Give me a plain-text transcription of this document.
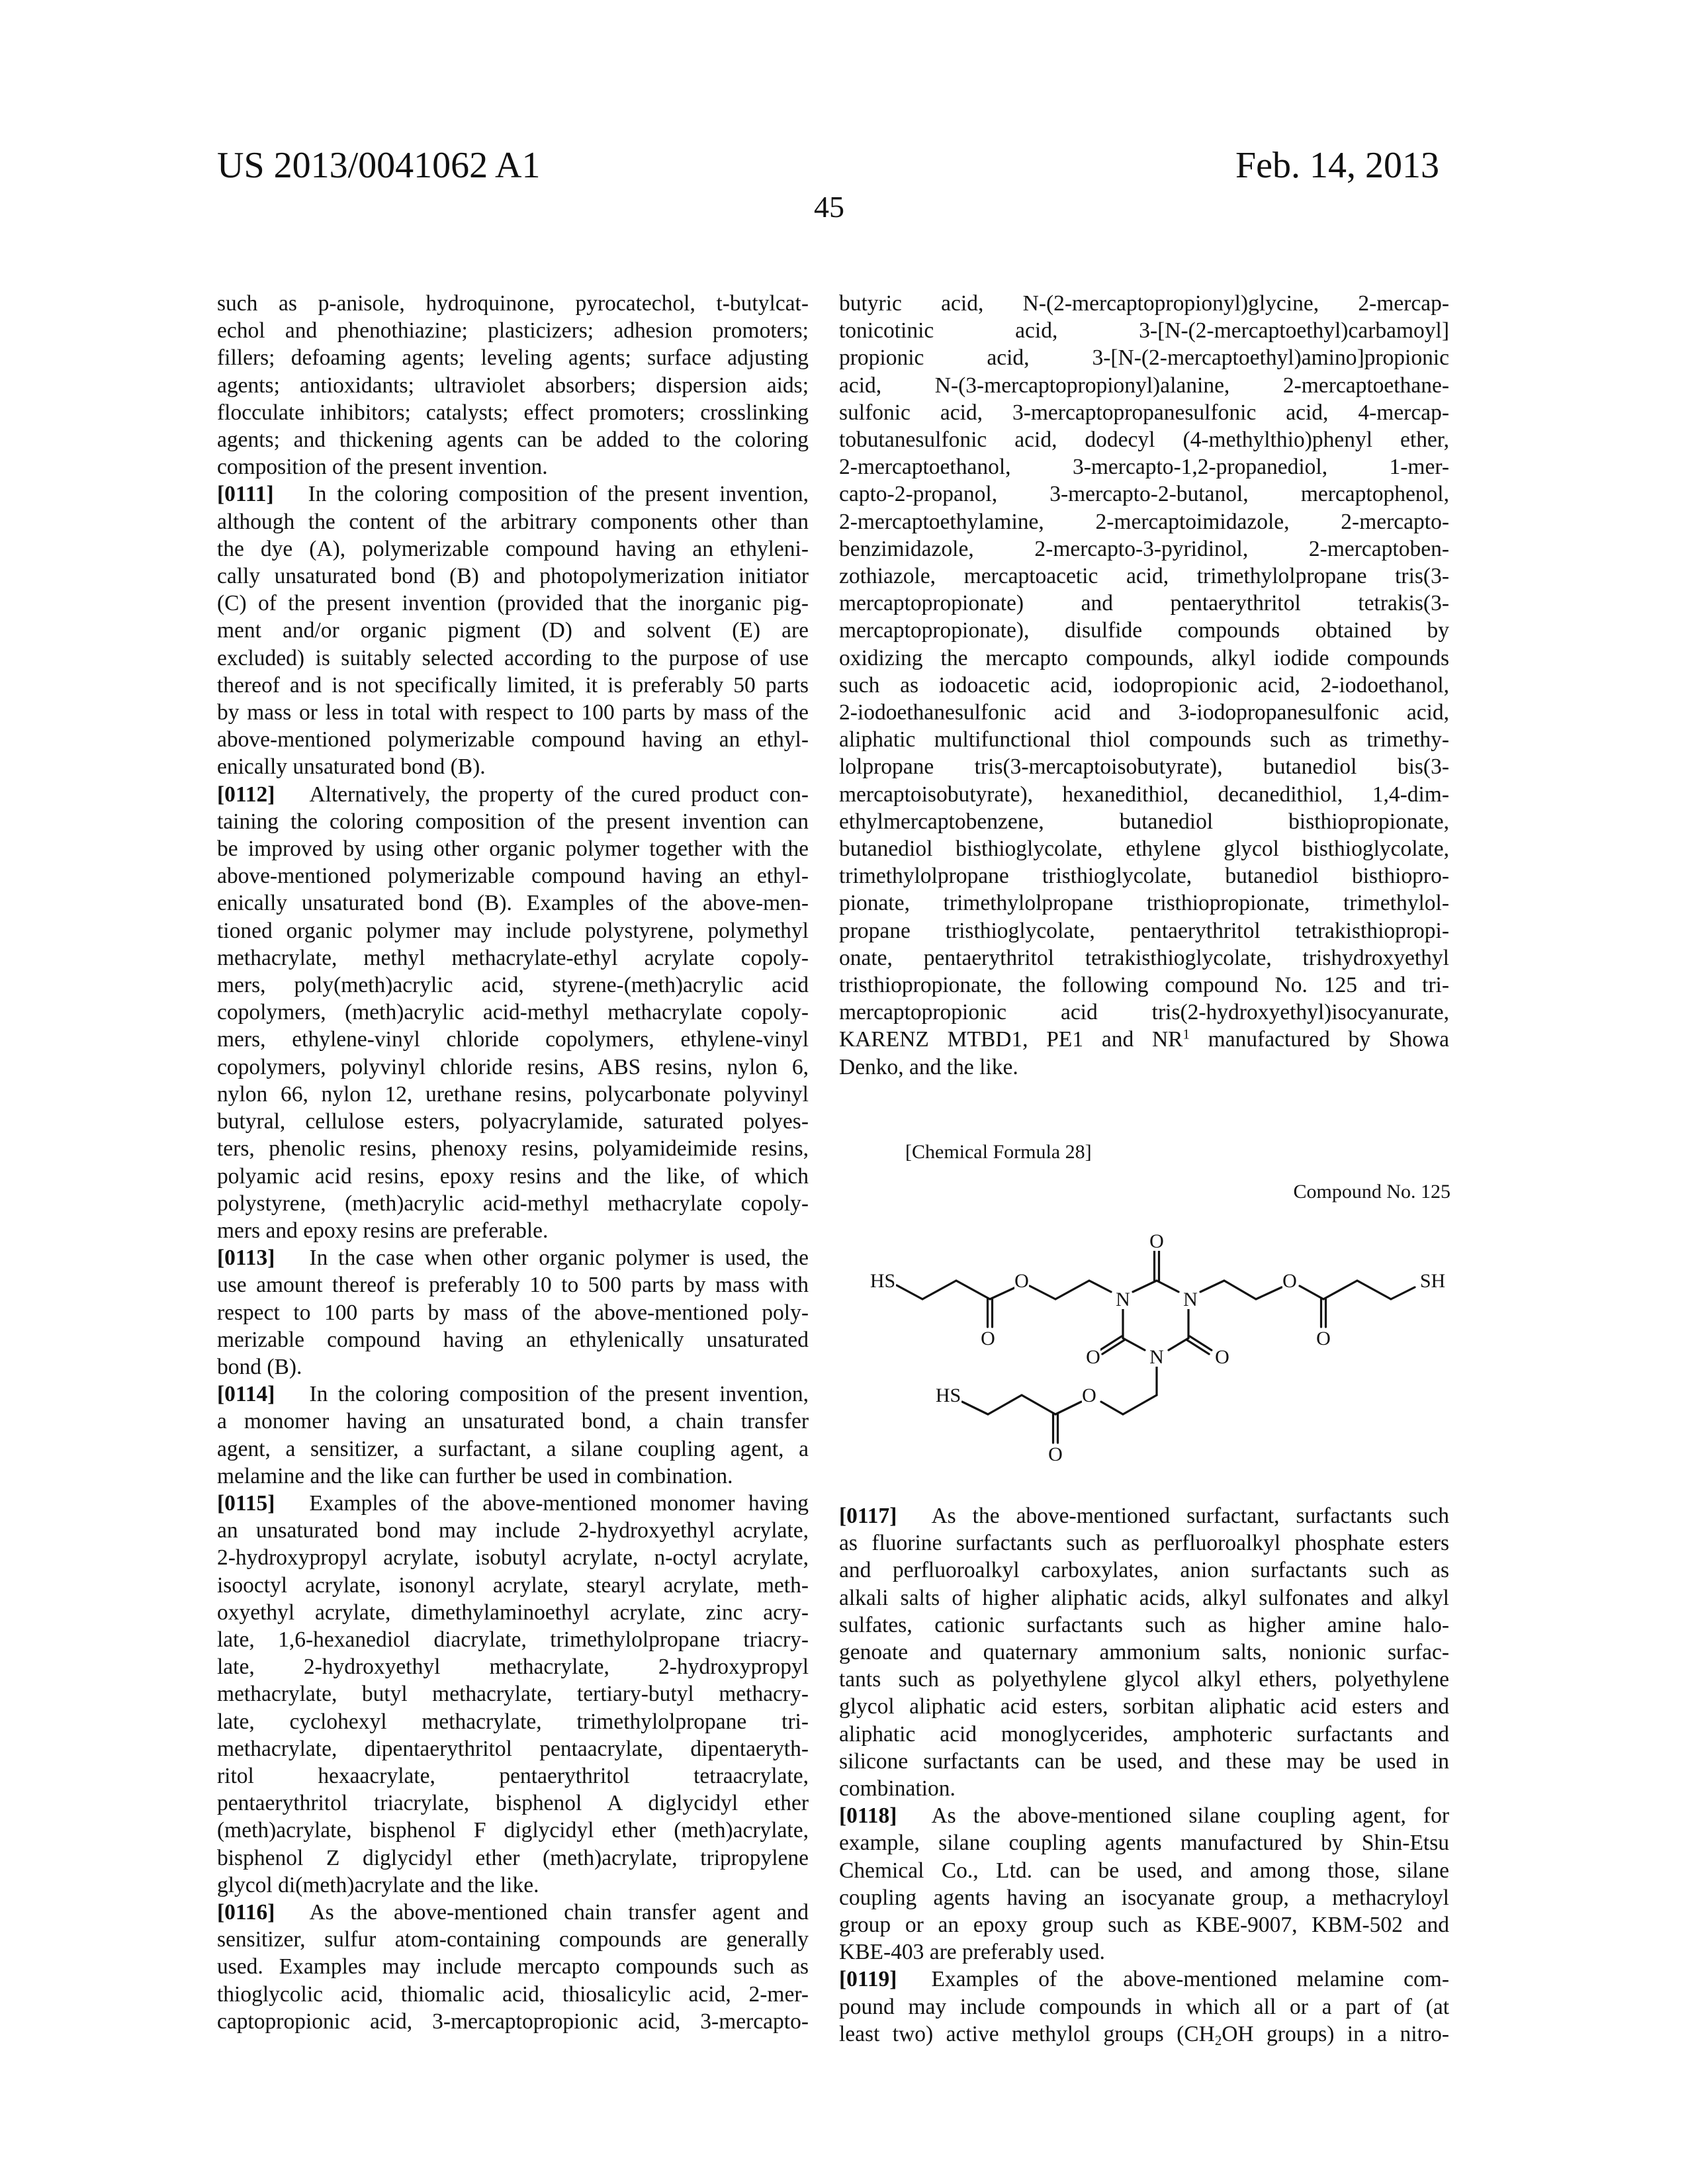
US 2013/0041062 A1	Feb. 14, 2013
45
such as p-anisole, hydroquinone, pyrocatechol, t-butylcat-
echol and phenothiazine; plasticizers; adhesion promoters;
fillers; defoaming agents; leveling agents; surface adjusting
agents; antioxidants; ultraviolet absorbers; dispersion aids;
flocculate inhibitors; catalysts; effect promoters; crosslinking
agents; and thickening agents can be added to the coloring
composition of the present invention.
[0111] In the coloring composition of the present invention,
although the content of the arbitrary components other than
the dye (A), polymerizable compound having an ethyleni-
cally unsaturated bond (B) and photopolymerization initiator
(C) of the present invention (provided that the inorganic pig-
ment and/or organic pigment (D) and solvent (E) are
excluded) is suitably selected according to the purpose of use
thereof and is not specifically limited, it is preferably 50 parts
by mass or less in total with respect to 100 parts by mass of the
above-mentioned polymerizable compound having an ethyl-
enically unsaturated bond (B).
[0112] Alternatively, the property of the cured product con-
taining the coloring composition of the present invention can
be improved by using other organic polymer together with the
above-mentioned polymerizable compound having an ethyl-
enically unsaturated bond (B). Examples of the above-men-
tioned organic polymer may include polystyrene, polymethyl
methacrylate, methyl methacrylate-ethyl acrylate copoly-
mers, poly(meth)acrylic acid, styrene-(meth)acrylic acid
copolymers, (meth)acrylic acid-methyl methacrylate copoly-
mers, ethylene-vinyl chloride copolymers, ethylene-vinyl
copolymers, polyvinyl chloride resins, ABS resins, nylon 6,
nylon 66, nylon 12, urethane resins, polycarbonate polyvinyl
butyral, cellulose esters, polyacrylamide, saturated polyes-
ters, phenolic resins, phenoxy resins, polyamideimide resins,
polyamic acid resins, epoxy resins and the like, of which
polystyrene, (meth)acrylic acid-methyl methacrylate copoly-
mers and epoxy resins are preferable.
[0113] In the case when other organic polymer is used, the
use amount thereof is preferably 10 to 500 parts by mass with
respect to 100 parts by mass of the above-mentioned poly-
merizable compound having an ethylenically unsaturated
bond (B).
[0114] In the coloring composition of the present invention,
a monomer having an unsaturated bond, a chain transfer
agent, a sensitizer, a surfactant, a silane coupling agent, a
melamine and the like can further be used in combination.
[0115] Examples of the above-mentioned monomer having
an unsaturated bond may include 2-hydroxyethyl acrylate,
2-hydroxypropyl acrylate, isobutyl acrylate, n-octyl acrylate,
isooctyl acrylate, isononyl acrylate, stearyl acrylate, meth-
oxyethyl acrylate, dimethylaminoethyl acrylate, zinc acry-
late, 1,6-hexanediol diacrylate, trimethylolpropane triacry-
late, 2-hydroxyethyl methacrylate, 2-hydroxypropyl
methacrylate, butyl methacrylate, tertiary-butyl methacry-
late, cyclohexyl methacrylate, trimethylolpropane tri-
methacrylate, dipentaerythritol pentaacrylate, dipentaeryth-
ritol hexaacrylate, pentaerythritol tetraacrylate,
pentaerythritol triacrylate, bisphenol A diglycidyl ether
(meth)acrylate, bisphenol F diglycidyl ether (meth)acrylate,
bisphenol Z diglycidyl ether (meth)acrylate, tripropylene
glycol di(meth)acrylate and the like.
[0116] As the above-mentioned chain transfer agent and
sensitizer, sulfur atom-containing compounds are generally
used. Examples may include mercapto compounds such as
thioglycolic acid, thiomalic acid, thiosalicylic acid, 2-mer-
captopropionic acid, 3-mercaptopropionic acid, 3-mercapto-
butyric acid, N-(2-mercaptopropionyl)glycine, 2-mercap-
tonicotinic acid, 3-[N-(2-mercaptoethyl)carbamoyl]
propionic acid, 3-[N-(2-mercaptoethyl)amino]propionic
acid, N-(3-mercaptopropionyl)alanine, 2-mercaptoethane-
sulfonic acid, 3-mercaptopropanesulfonic acid, 4-mercap-
tobutanesulfonic acid, dodecyl (4-methylthio)phenyl ether,
2-mercaptoethanol, 3-mercapto-1,2-propanediol, 1-mer-
capto-2-propanol, 3-mercapto-2-butanol, mercaptophenol,
2-mercaptoethylamine, 2-mercaptoimidazole, 2-mercapto-
benzimidazole, 2-mercapto-3-pyridinol, 2-mercaptoben-
zothiazole, mercaptoacetic acid, trimethylolpropane tris(3-
mercaptopropionate) and pentaerythritol tetrakis(3-
mercaptopropionate), disulfide compounds obtained by
oxidizing the mercapto compounds, alkyl iodide compounds
such as iodoacetic acid, iodopropionic acid, 2-iodoethanol,
2-iodoethanesulfonic acid and 3-iodopropanesulfonic acid,
aliphatic multifunctional thiol compounds such as trimethy-
lolpropane tris(3-mercaptoisobutyrate), butanediol bis(3-
mercaptoisobutyrate), hexanedithiol, decanedithiol, 1,4-dim-
ethylmercaptobenzene, butanediol bisthiopropionate,
butanediol bisthioglycolate, ethylene glycol bisthioglycolate,
trimethylolpropane tristhioglycolate, butanediol bisthiopro-
pionate, trimethylolpropane tristhiopropionate, trimethylol-
propane tristhioglycolate, pentaerythritol tetrakisthiopropi-
onate, pentaerythritol tetrakisthioglycolate, trishydroxyethyl
tristhiopropionate, the following compound No. 125 and tri-
mercaptopropionic acid tris(2-hydroxyethyl)isocyanurate,
KARENZ MTBD1, PE1 and NR1 manufactured by Showa
Denko, and the like.
[Chemical Formula 28]
Compound No. 125
HS
O
O
N
O
N
N
O	O
O	SH
O
O
HS
O
[0117] As the above-mentioned surfactant, surfactants such
as fluorine surfactants such as perfluoroalkyl phosphate esters
and perfluoroalkyl carboxylates, anion surfactants such as
alkali salts of higher aliphatic acids, alkyl sulfonates and alkyl
sulfates, cationic surfactants such as higher amine halo-
genoate and quaternary ammonium salts, nonionic surfac-
tants such as polyethylene glycol alkyl ethers, polyethylene
glycol aliphatic acid esters, sorbitan aliphatic acid esters and
aliphatic acid monoglycerides, amphoteric surfactants and
silicone surfactants can be used, and these may be used in
combination.
[0118] As the above-mentioned silane coupling agent, for
example, silane coupling agents manufactured by Shin-Etsu
Chemical Co., Ltd. can be used, and among those, silane
coupling agents having an isocyanate group, a methacryloyl
group or an epoxy group such as KBE-9007, KBM-502 and
KBE-403 are preferably used.
[0119] Examples of the above-mentioned melamine com-
pound may include compounds in which all or a part of (at
least two) active methylol groups (CH2OH groups) in a nitro-
